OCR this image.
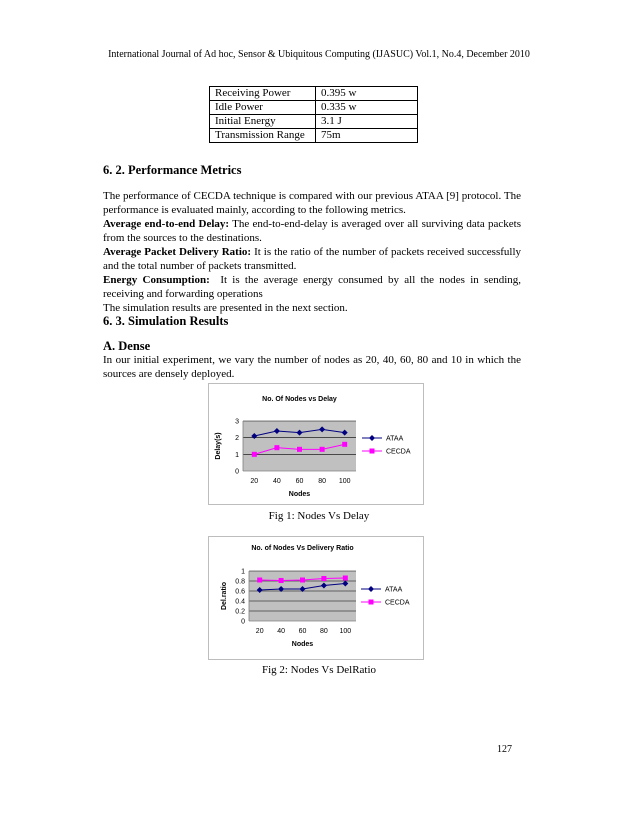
International Journal of Ad hoc, Sensor & Ubiquitous Computing (IJASUC) Vol.1, No.4, December 2010
Receiving Power	0.395 w
Idle Power	0.335 w
Initial Energy	3.1 J
Transmission Range	75m
6. 2. Performance Metrics

The performance of CECDA technique is compared with our previous ATAA [9] protocol. The performance is evaluated mainly, according to the following metrics.

Average end-to-end Delay: The end-to-end-delay is averaged over all surviving data packets from the sources to the destinations.

Average Packet Delivery Ratio: It is the ratio of the number of packets received successfully and the total number of packets transmitted.

Energy Consumption: It is the average energy consumed by all the nodes in sending, receiving and forwarding operations

The simulation results are presented in the next section.

6. 3. Simulation Results
A. Dense
In our initial experiment, we vary the number of nodes as 20, 40, 60, 80 and 10 in which the sources are densely deployed.
No. Of Nodes vs Delay
0
1
2
3
20 40 60 80 100
Nodes
Delay(s)	ATAA
CECDA
Fig 1: Nodes Vs Delay
No. of Nodes Vs Delivery Ratio
0
0.2
0.4
0.6
0.8
1
20 40 60 80 100
Nodes
Del.ratio	ATAA
CECDA
Fig 2: Nodes Vs DelRatio
127
